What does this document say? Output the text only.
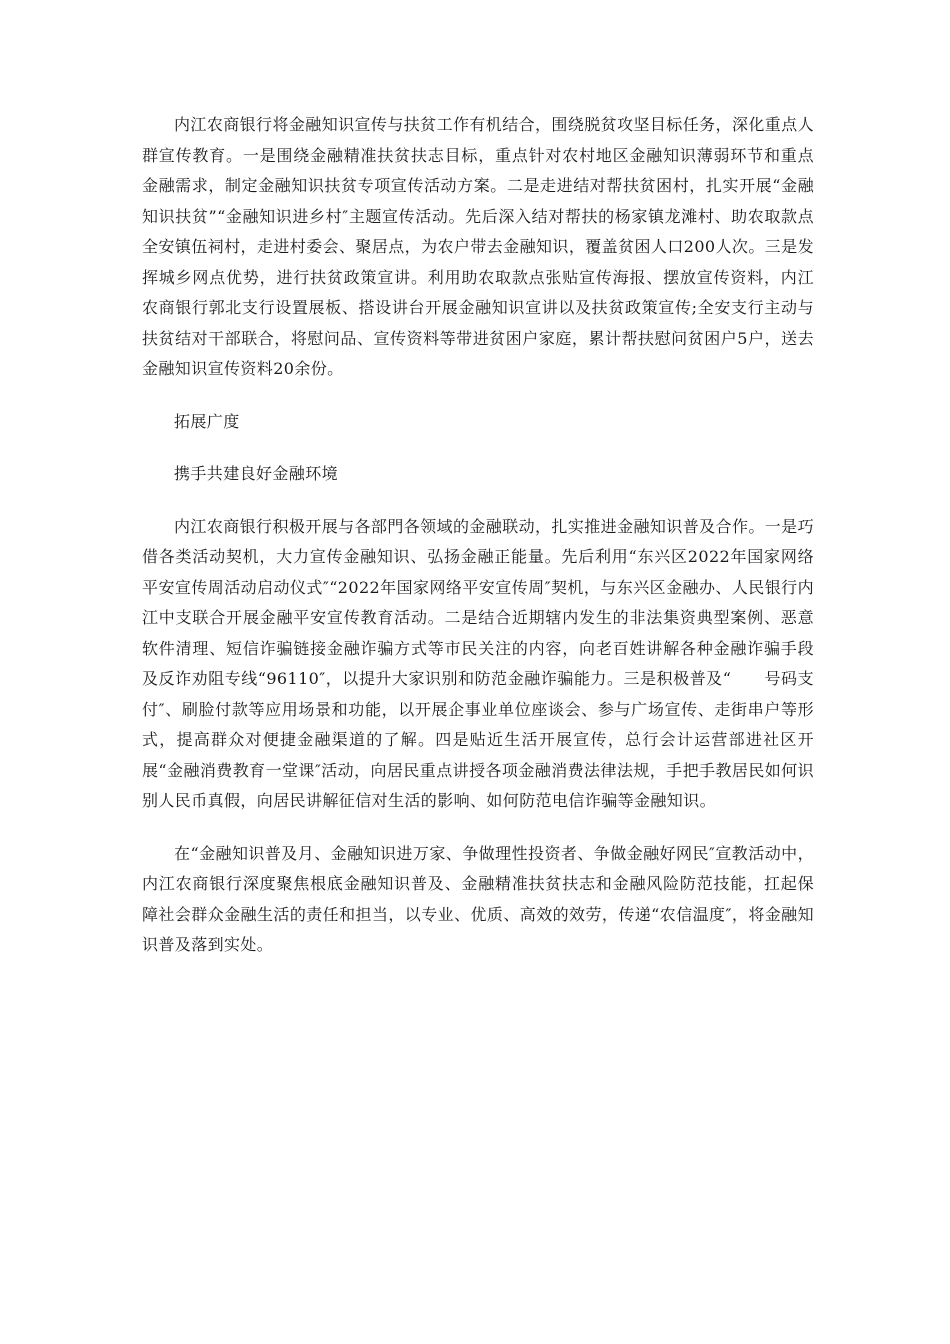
内江农商银行将金融知识宣传与扶贫工作有机结合，围绕脱贫攻坚目标任务，深化重点人群宣传教育。一是围绕金融精准扶贫扶志目标，重点针对农村地区金融知识薄弱环节和重点金融需求，制定金融知识扶贫专项宣传活动方案。二是走进结对帮扶贫困村，扎实开展“金融知识扶贫”“金融知识进乡村″主题宣传活动。先后深入结对帮扶的杨家镇龙滩村、助农取款点全安镇伍祠村，走进村委会、聚居点，为农户带去金融知识，覆盖贫困人口200人次。三是发挥城乡网点优势，进行扶贫政策宣讲。利用助农取款点张贴宣传海报、摆放宣传资料，内江农商银行郭北支行设置展板、搭设讲台开展金融知识宣讲以及扶贫政策宣传;全安支行主动与扶贫结对干部联合，将慰问品、宣传资料等带进贫困户家庭，累计帮扶慰问贫困户5户，送去金融知识宣传资料20余份。

拓展广度

携手共建良好金融环境

内江农商银行积极开展与各部門各领域的金融联动，扎实推进金融知识普及合作。一是巧借各类活动契机，大力宣传金融知识、弘扬金融正能量。先后利用“东兴区2022年国家网络平安宣传周活动启动仪式″“2022年国家网络平安宣传周″契机，与东兴区金融办、人民银行内江中支联合开展金融平安宣传教育活动。二是结合近期辖内发生的非法集资典型案例、恶意软件清理、短信诈骗链接金融诈骗方式等市民关注的内容，向老百姓讲解各种金融诈骗手段及反诈劝阻专线“96110″，以提升大家识别和防范金融诈骗能力。三是积极普及“　　号码支付″、刷脸付款等应用场景和功能，以开展企事业单位座谈会、参与广场宣传、走街串户等形式，提高群众对便捷金融渠道的了解。四是贴近生活开展宣传，总行会计运营部进社区开展“金融消费教育一堂课″活动，向居民重点讲授各项金融消费法律法规，手把手教居民如何识别人民币真假，向居民讲解征信对生活的影响、如何防范电信诈骗等金融知识。

在“金融知识普及月、金融知识进万家、争做理性投资者、争做金融好网民″宣教活动中，内江农商银行深度聚焦根底金融知识普及、金融精准扶贫扶志和金融风险防范技能，扛起保障社会群众金融生活的责任和担当，以专业、优质、高效的效劳，传递“农信温度″，将金融知识普及落到实处。
